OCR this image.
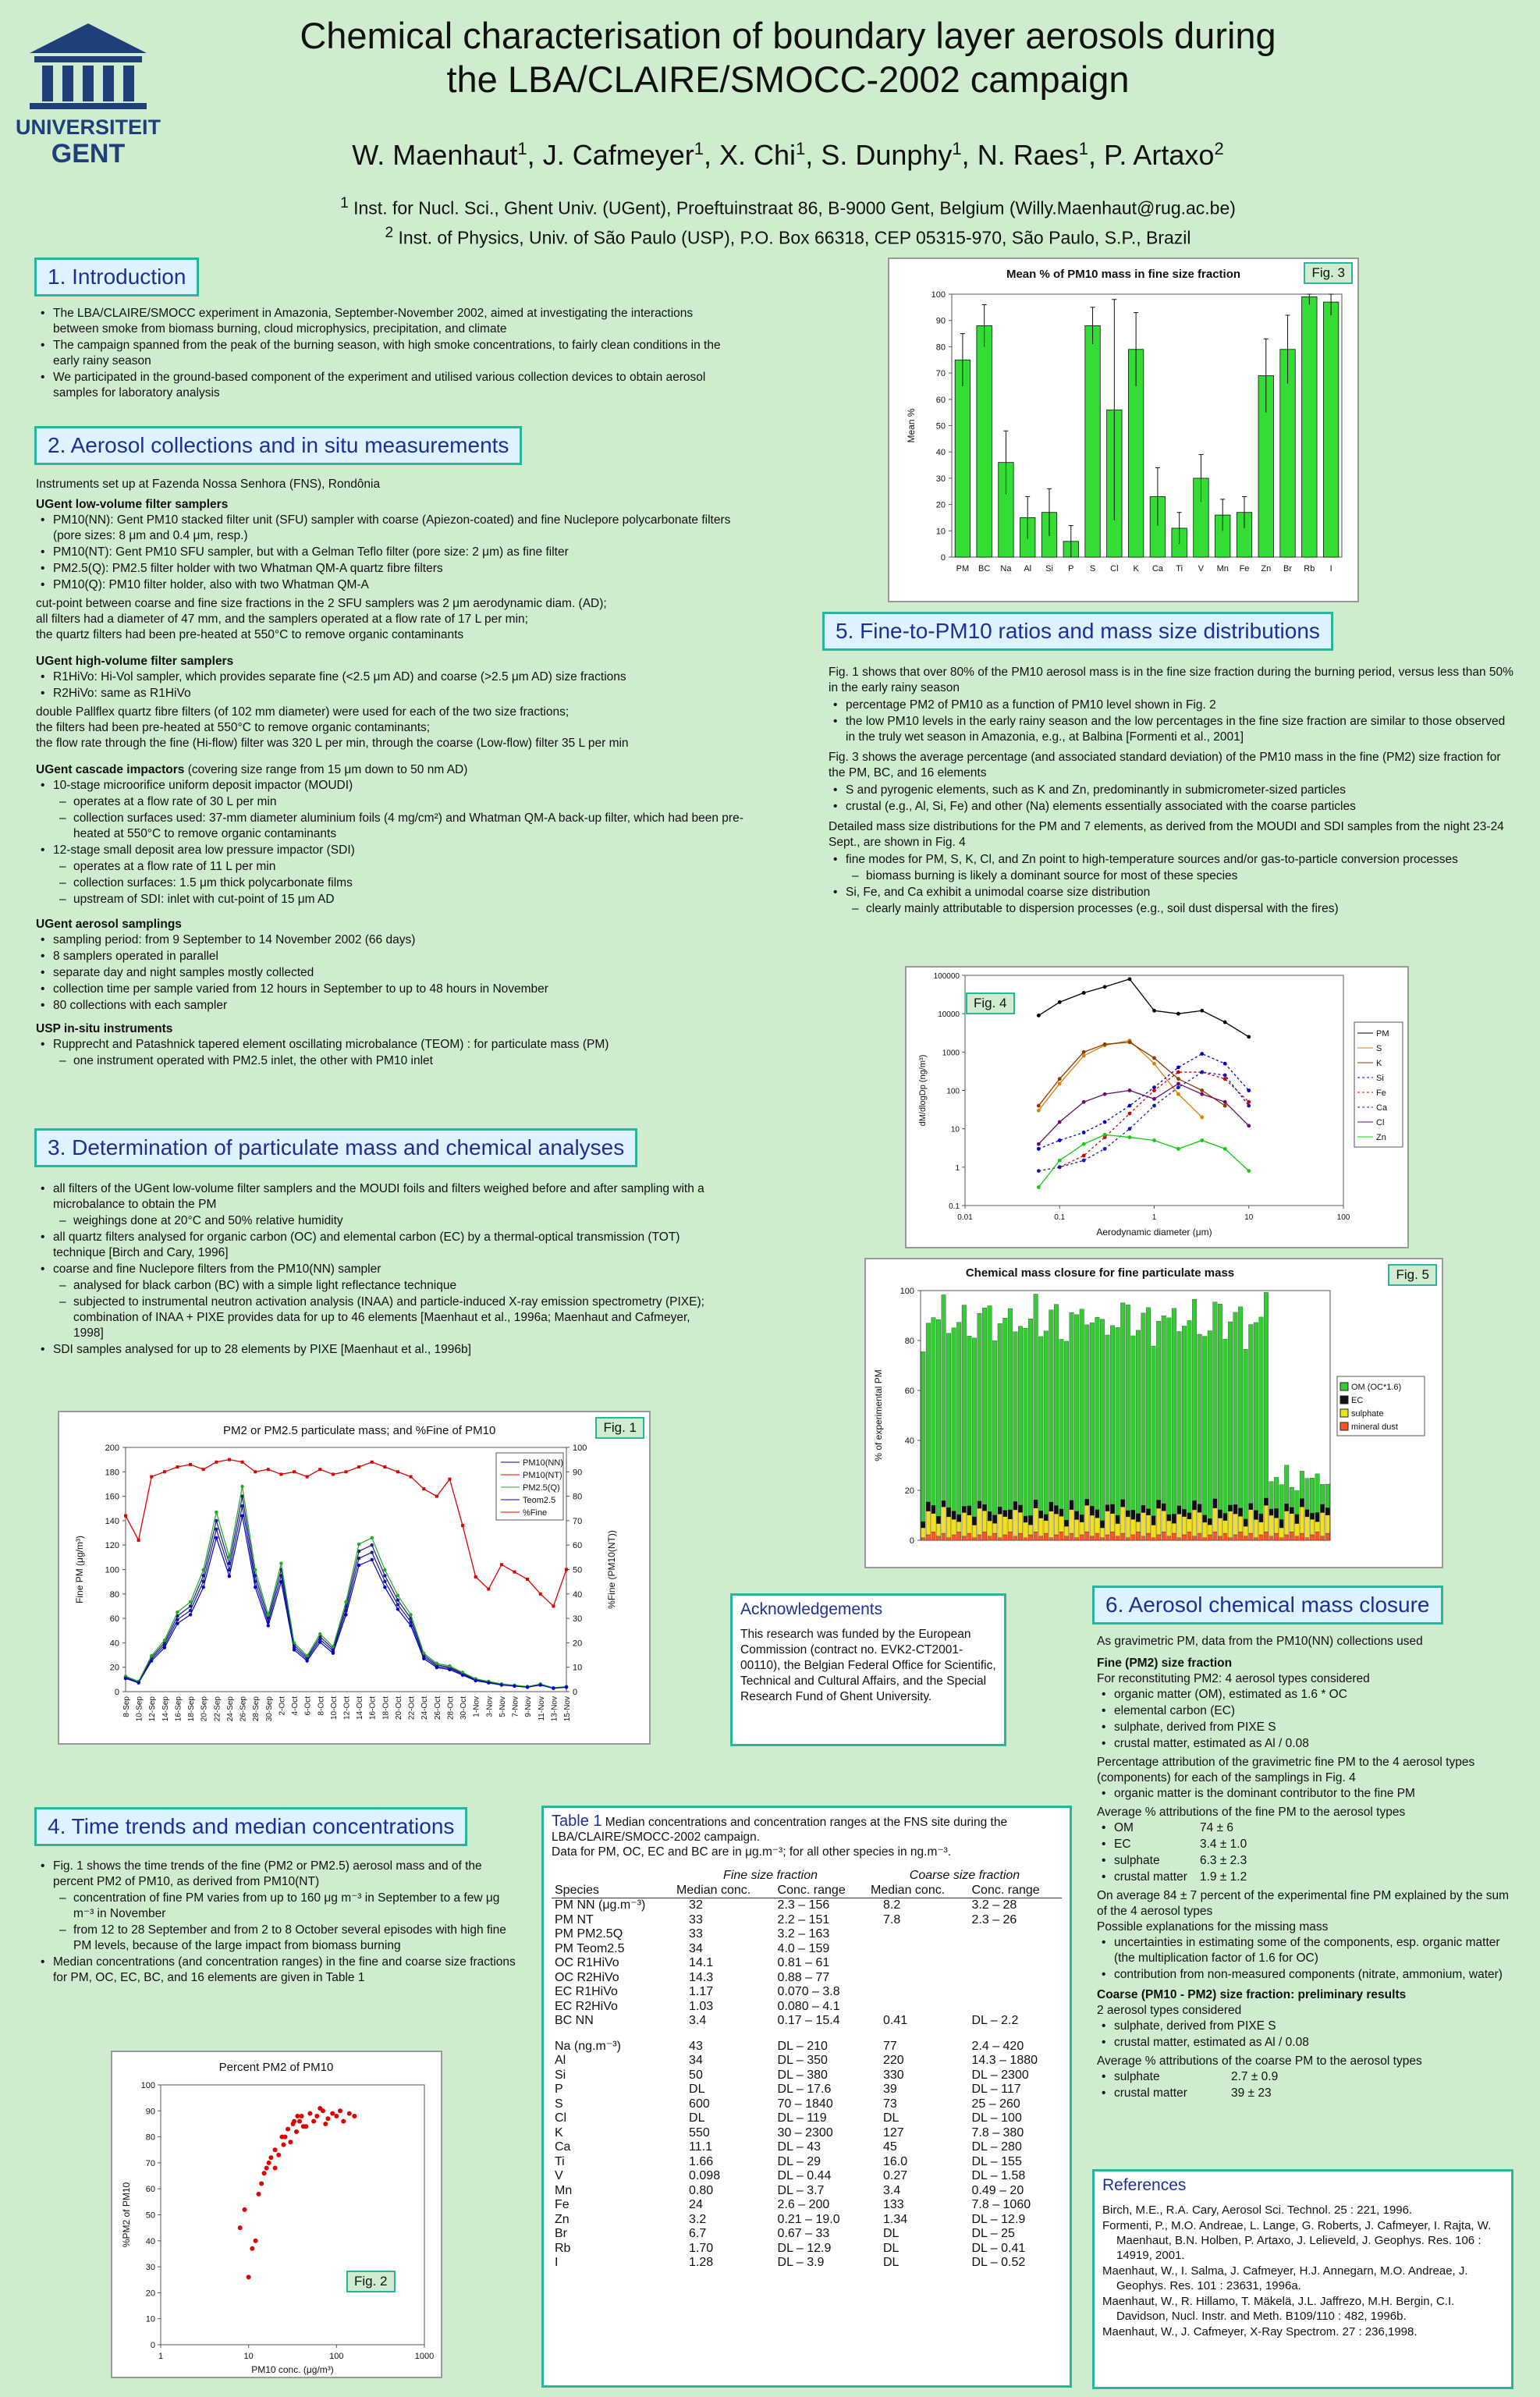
UNIVERSITEIT
GENT
Chemical characterisation of boundary layer aerosols during
the LBA/CLAIRE/SMOCC-2002 campaign
W. Maenhaut$^1$, J. Cafmeyer$^1$, X. Chi$^1$, S. Dunphy$^1$, N. Raes$^1$, P. Artaxo$^2$
$^1$ Inst. for Nucl. Sci., Ghent Univ. (UGent), Proeftuinstraat 86, B-9000 Gent, Belgium (Willy.Maenhaut@rug.ac.be)
$^2$ Inst. of Physics, Univ. of São Paulo (USP), P.O. Box 66318, CEP 05315-970, São Paulo, S.P., Brazil
1. Introduction
• The LBA/CLAIRE/SMOCC experiment in Amazonia, September-November 2002, aimed at investigating the interactions between smoke from biomass burning, cloud microphysics, precipitation, and climate
• The campaign spanned from the peak of the burning season, with high smoke concentrations, to fairly clean conditions in the early rainy season
• We participated in the ground-based component of the experiment and utilised various collection devices to obtain aerosol samples for laboratory analysis
2. Aerosol collections and in situ measurements

Instruments set up at Fazenda Nossa Senhora (FNS), Rondônia

UGent low-volume filter samplers
• PM10(NN): Gent PM10 stacked filter unit (SFU) sampler with coarse (Apiezon-coated) and fine Nuclepore polycarbonate filters (pore sizes: 8 μm and 0.4 μm, resp.)
• PM10(NT): Gent PM10 SFU sampler, but with a Gelman Teflo filter (pore size: 2 μm) as fine filter
• PM2.5(Q): PM2.5 filter holder with two Whatman QM-A quartz fibre filters
• PM10(Q): PM10 filter holder, also with two Whatman QM-A
cut-point between coarse and fine size fractions in the 2 SFU samplers was 2 μm aerodynamic diam. (AD);
all filters had a diameter of 47 mm, and the samplers operated at a flow rate of 17 L per min;
the quartz filters had been pre-heated at 550°C to remove organic contaminants
UGent high-volume filter samplers
• R1HiVo: Hi-Vol sampler, which provides separate fine (<2.5 μm AD) and coarse (>2.5 μm AD) size fractions
• R2HiVo: same as R1HiVo
double Pallflex quartz fibre filters (of 102 mm diameter) were used for each of the two size fractions;
the filters had been pre-heated at 550°C to remove organic contaminants;
the flow rate through the fine (Hi-flow) filter was 320 L per min, through the coarse (Low-flow) filter 35 L per min
UGent cascade impactors (covering size range from 15 μm down to 50 nm AD)
• 10-stage microorifice uniform deposit impactor (MOUDI)
– operates at a flow rate of 30 L per min
– collection surfaces used: 37-mm diameter aluminium foils (4 mg/cm²) and Whatman QM-A back-up filter, which had been pre-heated at 550°C to remove organic contaminants
• 12-stage small deposit area low pressure impactor (SDI)
– operates at a flow rate of 11 L per min
– collection surfaces: 1.5 μm thick polycarbonate films
– upstream of SDI: inlet with cut-point of 15 μm AD
UGent aerosol samplings
• sampling period: from 9 September to 14 November 2002 (66 days)
• 8 samplers operated in parallel
• separate day and night samples mostly collected
• collection time per sample varied from 12 hours in September to up to 48 hours in November
• 80 collections with each sampler
USP in-situ instruments
• Rupprecht and Patashnick tapered element oscillating microbalance (TEOM) : for particulate mass (PM)
– one instrument operated with PM2.5 inlet, the other with PM10 inlet
3. Determination of particulate mass and chemical analyses
• all filters of the UGent low-volume filter samplers and the MOUDI foils and filters weighed before and after sampling with a microbalance to obtain the PM
– weighings done at 20°C and 50% relative humidity
• all quartz filters analysed for organic carbon (OC) and elemental carbon (EC) by a thermal-optical transmission (TOT) technique [Birch and Cary, 1996]
• coarse and fine Nuclepore filters from the PM10(NN) sampler
– analysed for black carbon (BC) with a simple light reflectance technique
– subjected to instrumental neutron activation analysis (INAA) and particle-induced X-ray emission spectrometry (PIXE); combination of INAA + PIXE provides data for up to 46 elements [Maenhaut et al., 1996a; Maenhaut and Cafmeyer, 1998]
• SDI samples analysed for up to 28 elements by PIXE [Maenhaut et al., 1996b]
PM2 or PM2.5 particulate mass; and %Fine of PM10
0
20
40
60
80
100
120
140
160
180
200
0
10
20
30
40
50
60
70
80
90
100
8-Sep 10-Sep 12-Sep 14-Sep 16-Sep 18-Sep 20-Sep 22-Sep 24-Sep 26-Sep 28-Sep 30-Sep 2-Oct 4-Oct 6-Oct 8-Oct 10-Oct 12-Oct 14-Oct 16-Oct 18-Oct 20-Oct 22-Oct 24-Oct 26-Oct 28-Oct 30-Oct 1-Nov 3-Nov 5-Nov 7-Nov 9-Nov 11-Nov 13-Nov 15-Nov
Fine PM (μg/m³)	%Fine (PM10(NT))
PM10(NN)
PM10(NT)
PM2.5(Q)
Teom2.5
%Fine
Fig. 1
4. Time trends and median concentrations
• Fig. 1 shows the time trends of the fine (PM2 or PM2.5) aerosol mass and of the percent PM2 of PM10, as derived from PM10(NT)
– concentration of fine PM varies from up to 160 μg m⁻³ in September to a few μg m⁻³ in November
– from 12 to 28 September and from 2 to 8 October several episodes with high fine PM levels, because of the large impact from biomass burning
• Median concentrations (and concentration ranges) in the fine and coarse size fractions for PM, OC, EC, BC, and 16 elements are given in Table 1
Percent PM2 of PM10
0
10
20
30
40
50
60
70
80
90
100
1	10	100	1000
PM10 conc. (μg/m³)
%PM2 of PM10
Fig. 2
Mean % of PM10 mass in fine size fraction
0
10
20
30
40
50
60
70
80
90
100
Mean %
PM BC Na Al Si P S Cl K Ca Ti V Mn Fe Zn Br Rb I
Fig. 3
5. Fine-to-PM10 ratios and mass size distributions

Fig. 1 shows that over 80% of the PM10 aerosol mass is in the fine size fraction during the burning period, versus less than 50% in the early rainy season

• percentage PM2 of PM10 as a function of PM10 level shown in Fig. 2
• the low PM10 levels in the early rainy season and the low percentages in the fine size fraction are similar to those observed in the truly wet season in Amazonia, e.g., at Balbina [Formenti et al., 2001]

Fig. 3 shows the average percentage (and associated standard deviation) of the PM10 mass in the fine (PM2) size fraction for the PM, BC, and 16 elements

• S and pyrogenic elements, such as K and Zn, predominantly in submicrometer-sized particles
• crustal (e.g., Al, Si, Fe) and other (Na) elements essentially associated with the coarse particles

Detailed mass size distributions for the PM and 7 elements, as derived from the MOUDI and SDI samples from the night 23-24 Sept., are shown in Fig. 4

• fine modes for PM, S, K, Cl, and Zn point to high-temperature sources and/or gas-to-particle conversion processes
– biomass burning is likely a dominant source for most of these species
• Si, Fe, and Ca exhibit a unimodal coarse size distribution
– clearly mainly attributable to dispersion processes (e.g., soil dust dispersal with the fires)
0.1
1
10
100
1000
10000
100000
0.01	0.1	1	10	100
Aerodynamic diameter (μm)
dM/dlogDp (ng/m³)
PM
S
K
Si
Fe
Ca
Cl
Zn
Fig. 4
Chemical mass closure for fine particulate mass
0
20
40
60
80
100
% of experimental PM	OM (OC*1.6)
EC
sulphate
mineral dust
Fig. 5
Acknowledgements
This research was funded by the European Commission (contract no. EVK2-CT2001-00110), the Belgian Federal Office for Scientific, Technical and Cultural Affairs, and the Special Research Fund of Ghent University.
Table 1 Median concentrations and concentration ranges at the FNS site during the LBA/CLAIRE/SMOCC-2002 campaign.
Data for PM, OC, EC and BC are in μg.m⁻³; for all other species in ng.m⁻³.
	Fine size fraction		Coarse size fraction	
Species	Median conc.	Conc. range	Median conc.	Conc. range
PM NN (μg.m⁻³)	32	2.3 – 156	8.2	3.2 – 28
PM NT	33	2.2 – 151	7.8	2.3 – 26
PM PM2.5Q	33	3.2 – 163		
PM Teom2.5	34	4.0 – 159		
OC R1HiVo	14.1	0.81 – 61		
OC R2HiVo	14.3	0.88 – 77		
EC R1HiVo	1.17	0.070 – 3.8		
EC R2HiVo	1.03	0.080 – 4.1		
BC NN	3.4	0.17 – 15.4	0.41	DL – 2.2

Na (ng.m⁻³)	43	DL – 210	77	2.4 – 420
Al	34	DL – 350	220	14.3 – 1880
Si	50	DL – 380	330	DL – 2300
P	DL	DL – 17.6	39	DL – 117
S	600	70 – 1840	73	25 – 260
Cl	DL	DL – 119	DL	DL – 100
K	550	30 – 2300	127	7.8 – 380
Ca	11.1	DL – 43	45	DL – 280
Ti	1.66	DL – 29	16.0	DL – 155
V	0.098	DL – 0.44	0.27	DL – 1.58
Mn	0.80	DL – 3.7	3.4	0.49 – 20
Fe	24	2.6 – 200	133	7.8 – 1060
Zn	3.2	0.21 – 19.0	1.34	DL – 12.9
Br	6.7	0.67 – 33	DL	DL – 25
Rb	1.70	DL – 12.9	DL	DL – 0.41
I	1.28	DL – 3.9	DL	DL – 0.52
6. Aerosol chemical mass closure

As gravimetric PM, data from the PM10(NN) collections used

Fine (PM2) size fraction
For reconstituting PM2: 4 aerosol types considered
• organic matter (OM), estimated as 1.6 * OC
• elemental carbon (EC)
• sulphate, derived from PIXE S
• crustal matter, estimated as Al / 0.08
Percentage attribution of the gravimetric fine PM to the 4 aerosol types (components) for each of the samplings in Fig. 4
• organic matter is the dominant contributor to the fine PM
Average % attributions of the fine PM to the aerosol types
• OM	74 ± 6
• EC	3.4 ± 1.0
• sulphate	6.3 ± 2.3
• crustal matter 1.9 ± 1.2
On average 84 ± 7 percent of the experimental fine PM explained by the sum of the 4 aerosol types
Possible explanations for the missing mass
• uncertainties in estimating some of the components, esp. organic matter (the multiplication factor of 1.6 for OC)
• contribution from non-measured components (nitrate, ammonium, water)
Coarse (PM10 - PM2) size fraction: preliminary results
2 aerosol types considered
• sulphate, derived from PIXE S
• crustal matter, estimated as Al / 0.08
Average % attributions of the coarse PM to the aerosol types
• sulphate	2.7 ± 0.9
• crustal matter	39 ± 23
References
Birch, M.E., R.A. Cary, Aerosol Sci. Technol. 25 : 221, 1996.
Formenti, P., M.O. Andreae, L. Lange, G. Roberts, J. Cafmeyer, I. Rajta, W. Maenhaut, B.N. Holben, P. Artaxo, J. Lelieveld, J. Geophys. Res. 106 : 14919, 2001.
Maenhaut, W., I. Salma, J. Cafmeyer, H.J. Annegarn, M.O. Andreae, J. Geophys. Res. 101 : 23631, 1996a.
Maenhaut, W., R. Hillamo, T. Mäkelä, J.L. Jaffrezo, M.H. Bergin, C.I. Davidson, Nucl. Instr. and Meth. B109/110 : 482, 1996b.
Maenhaut, W., J. Cafmeyer, X-Ray Spectrom. 27 : 236,1998.
